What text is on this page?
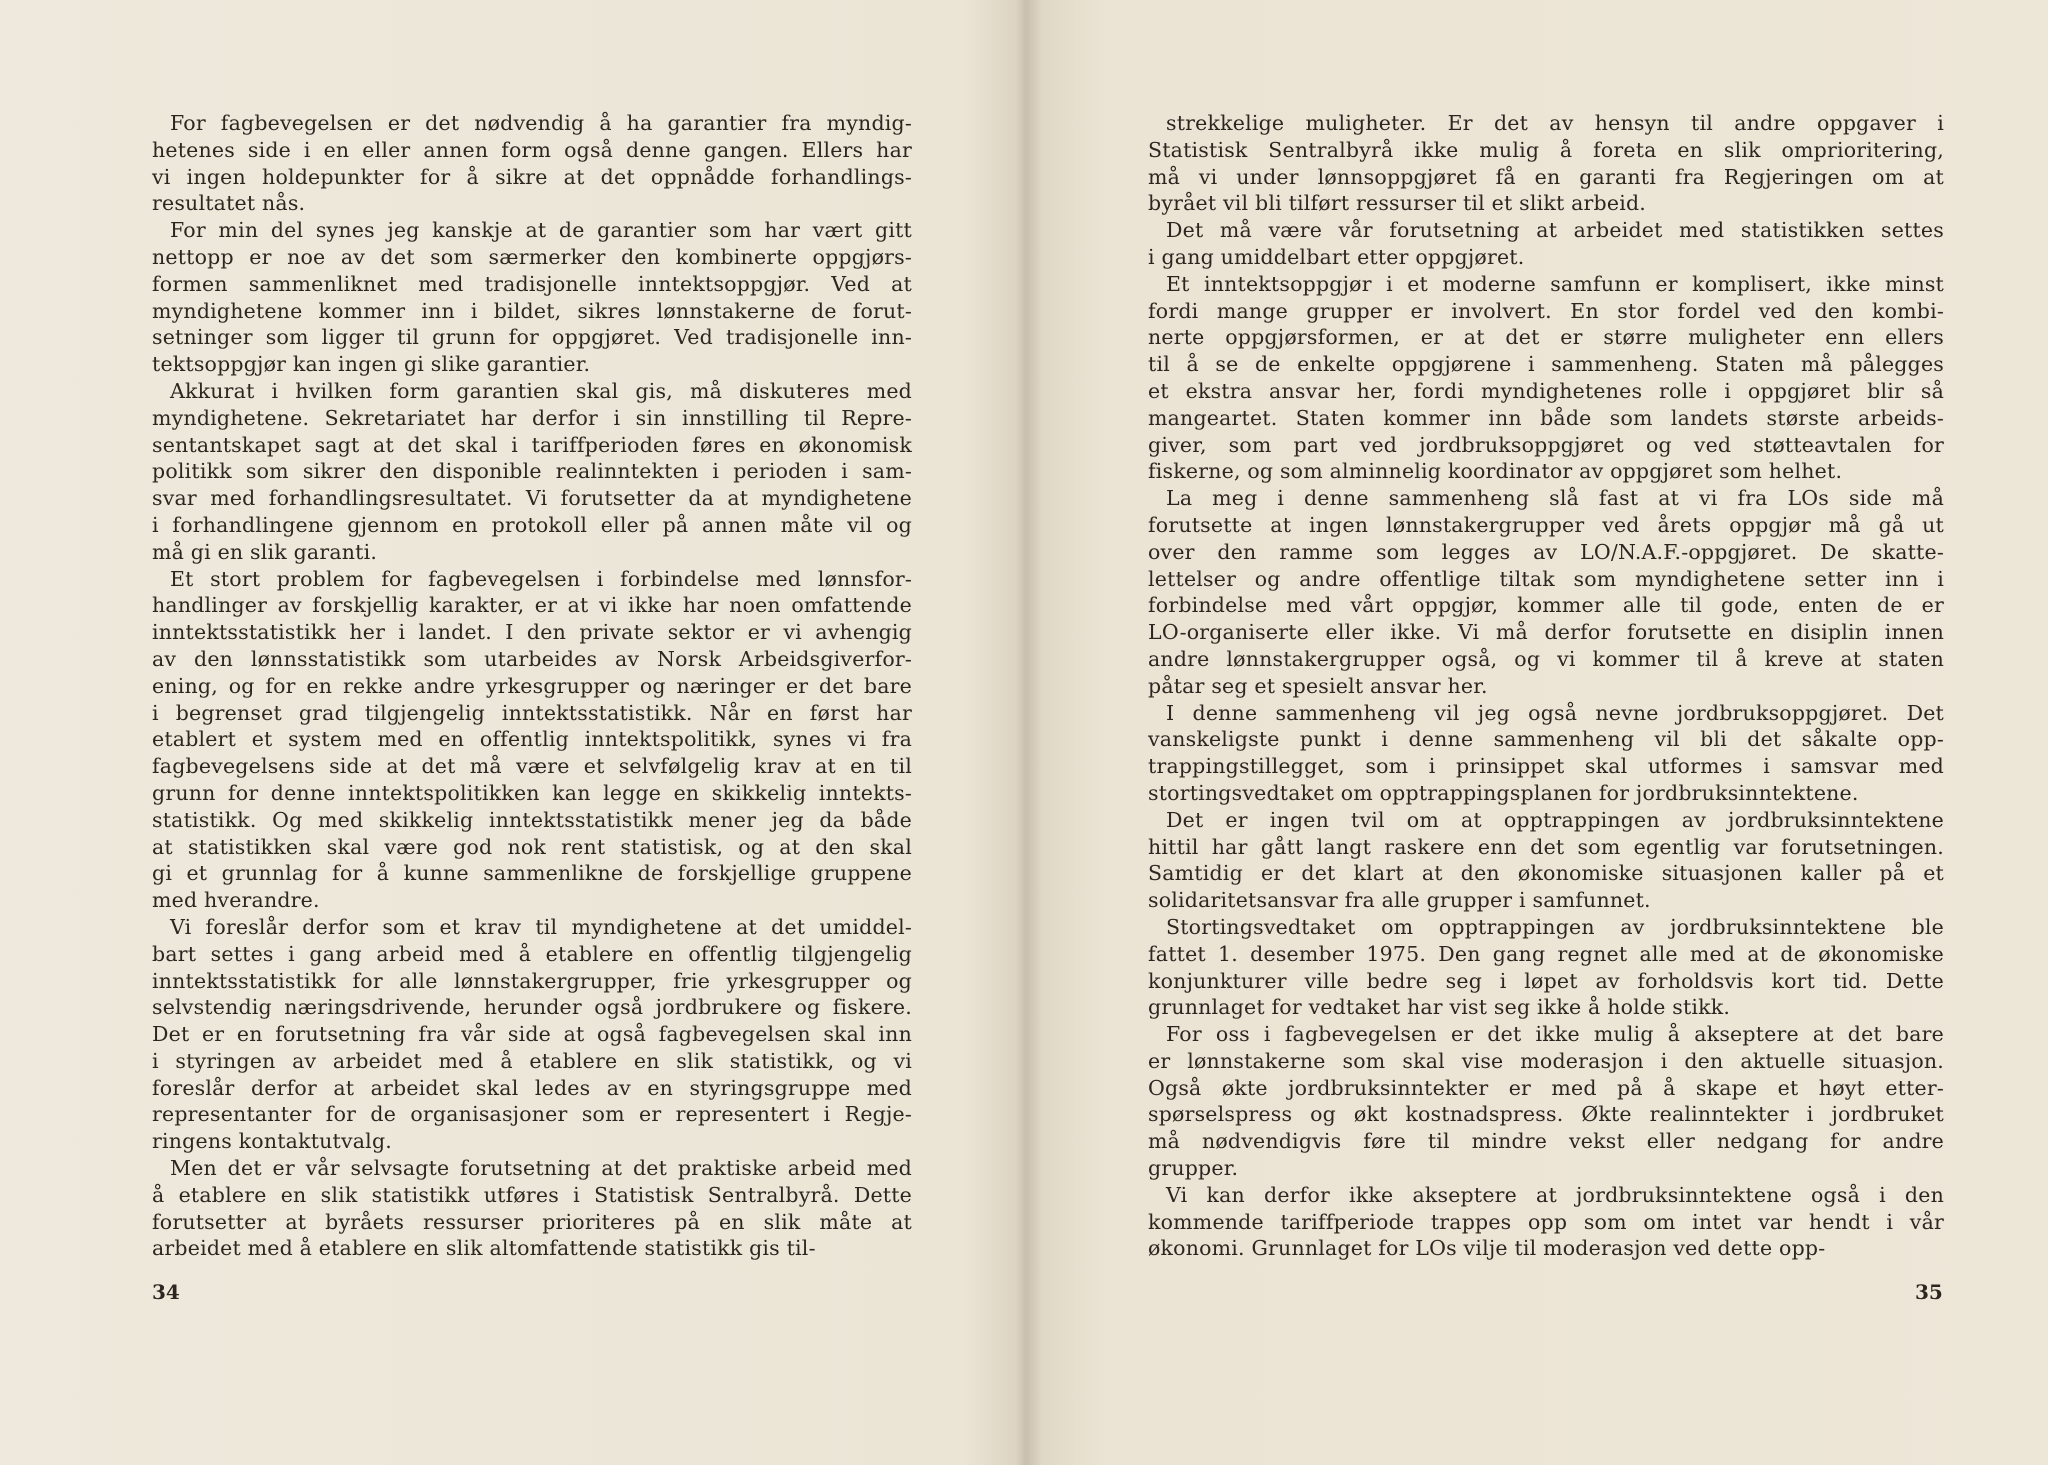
For fagbevegelsen er det nødvendig å ha garantier fra myndig-
hetenes side i en eller annen form også denne gangen. Ellers har
vi ingen holdepunkter for å sikre at det oppnådde forhandlings-
resultatet nås.
For min del synes jeg kanskje at de garantier som har vært gitt
nettopp er noe av det som særmerker den kombinerte oppgjørs-
formen sammenliknet med tradisjonelle inntektsoppgjør. Ved at
myndighetene kommer inn i bildet, sikres lønnstakerne de forut-
setninger som ligger til grunn for oppgjøret. Ved tradisjonelle inn-
tektsoppgjør kan ingen gi slike garantier.
Akkurat i hvilken form garantien skal gis, må diskuteres med
myndighetene. Sekretariatet har derfor i sin innstilling til Repre-
sentantskapet sagt at det skal i tariffperioden føres en økonomisk
politikk som sikrer den disponible realinntekten i perioden i sam-
svar med forhandlingsresultatet. Vi forutsetter da at myndighetene
i forhandlingene gjennom en protokoll eller på annen måte vil og
må gi en slik garanti.
Et stort problem for fagbevegelsen i forbindelse med lønnsfor-
handlinger av forskjellig karakter, er at vi ikke har noen omfattende
inntektsstatistikk her i landet. I den private sektor er vi avhengig
av den lønnsstatistikk som utarbeides av Norsk Arbeidsgiverfor-
ening, og for en rekke andre yrkesgrupper og næringer er det bare
i begrenset grad tilgjengelig inntektsstatistikk. Når en først har
etablert et system med en offentlig inntektspolitikk, synes vi fra
fagbevegelsens side at det må være et selvfølgelig krav at en til
grunn for denne inntektspolitikken kan legge en skikkelig inntekts-
statistikk. Og med skikkelig inntektsstatistikk mener jeg da både
at statistikken skal være god nok rent statistisk, og at den skal
gi et grunnlag for å kunne sammenlikne de forskjellige gruppene
med hverandre.
Vi foreslår derfor som et krav til myndighetene at det umiddel-
bart settes i gang arbeid med å etablere en offentlig tilgjengelig
inntektsstatistikk for alle lønnstakergrupper, frie yrkesgrupper og
selvstendig næringsdrivende, herunder også jordbrukere og fiskere.
Det er en forutsetning fra vår side at også fagbevegelsen skal inn
i styringen av arbeidet med å etablere en slik statistikk, og vi
foreslår derfor at arbeidet skal ledes av en styringsgruppe med
representanter for de organisasjoner som er representert i Regje-
ringens kontaktutvalg.
Men det er vår selvsagte forutsetning at det praktiske arbeid med
å etablere en slik statistikk utføres i Statistisk Sentralbyrå. Dette
forutsetter at byråets ressurser prioriteres på en slik måte at
arbeidet med å etablere en slik altomfattende statistikk gis til-
34
strekkelige muligheter. Er det av hensyn til andre oppgaver i
Statistisk Sentralbyrå ikke mulig å foreta en slik omprioritering,
må vi under lønnsoppgjøret få en garanti fra Regjeringen om at
byrået vil bli tilført ressurser til et slikt arbeid.
Det må være vår forutsetning at arbeidet med statistikken settes
i gang umiddelbart etter oppgjøret.
Et inntektsoppgjør i et moderne samfunn er komplisert, ikke minst
fordi mange grupper er involvert. En stor fordel ved den kombi-
nerte oppgjørsformen, er at det er større muligheter enn ellers
til å se de enkelte oppgjørene i sammenheng. Staten må pålegges
et ekstra ansvar her, fordi myndighetenes rolle i oppgjøret blir så
mangeartet. Staten kommer inn både som landets største arbeids-
giver, som part ved jordbruksoppgjøret og ved støtteavtalen for
fiskerne, og som alminnelig koordinator av oppgjøret som helhet.
La meg i denne sammenheng slå fast at vi fra LOs side må
forutsette at ingen lønnstakergrupper ved årets oppgjør må gå ut
over den ramme som legges av LO/N.A.F.-oppgjøret. De skatte-
lettelser og andre offentlige tiltak som myndighetene setter inn i
forbindelse med vårt oppgjør, kommer alle til gode, enten de er
LO-organiserte eller ikke. Vi må derfor forutsette en disiplin innen
andre lønnstakergrupper også, og vi kommer til å kreve at staten
påtar seg et spesielt ansvar her.
I denne sammenheng vil jeg også nevne jordbruksoppgjøret. Det
vanskeligste punkt i denne sammenheng vil bli det såkalte opp-
trappingstillegget, som i prinsippet skal utformes i samsvar med
stortingsvedtaket om opptrappingsplanen for jordbruksinntektene.
Det er ingen tvil om at opptrappingen av jordbruksinntektene
hittil har gått langt raskere enn det som egentlig var forutsetningen.
Samtidig er det klart at den økonomiske situasjonen kaller på et
solidaritetsansvar fra alle grupper i samfunnet.
Stortingsvedtaket om opptrappingen av jordbruksinntektene ble
fattet 1. desember 1975. Den gang regnet alle med at de økonomiske
konjunkturer ville bedre seg i løpet av forholdsvis kort tid. Dette
grunnlaget for vedtaket har vist seg ikke å holde stikk.
For oss i fagbevegelsen er det ikke mulig å akseptere at det bare
er lønnstakerne som skal vise moderasjon i den aktuelle situasjon.
Også økte jordbruksinntekter er med på å skape et høyt etter-
spørselspress og økt kostnadspress. Økte realinntekter i jordbruket
må nødvendigvis føre til mindre vekst eller nedgang for andre
grupper.
Vi kan derfor ikke akseptere at jordbruksinntektene også i den
kommende tariffperiode trappes opp som om intet var hendt i vår
økonomi. Grunnlaget for LOs vilje til moderasjon ved dette opp-
35
